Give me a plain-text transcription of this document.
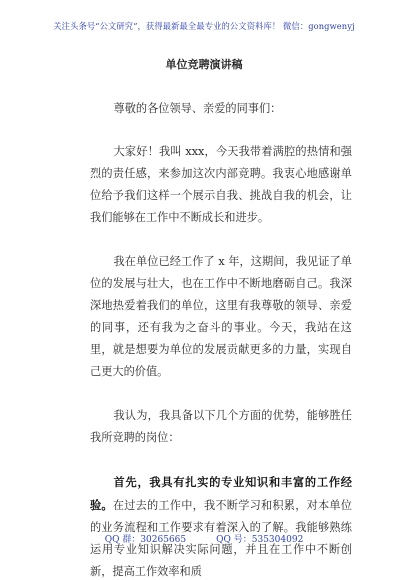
关注头条号“公文研究”，获得最新最全最专业的公文资料库！ 微信：gongwenyj
单位竞聘演讲稿

尊敬的各位领导、亲爱的同事们：

大家好！我叫 xxx，今天我带着满腔的热情和强烈的责任感，来参加这次内部竞聘。我衷心地感谢单位给予我们这样一个展示自我、挑战自我的机会，让我们能够在工作中不断成长和进步。

我在单位已经工作了 x 年，这期间，我见证了单位的发展与壮大，也在工作中不断地磨砺自己。我深深地热爱着我们的单位，这里有我尊敬的领导、亲爱的同事，还有我为之奋斗的事业。今天，我站在这里，就是想要为单位的发展贡献更多的力量，实现自己更大的价值。

我认为，我具备以下几个方面的优势，能够胜任我所竞聘的岗位：

首先，我具有扎实的专业知识和丰富的工作经验。在过去的工作中，我不断学习和积累，对本单位的业务流程和工作要求有着深入的了解。我能够熟练运用专业知识解决实际问题，并且在工作中不断创新，提高工作效率和质

QQ 群：30265665	QQ 号：535304092
